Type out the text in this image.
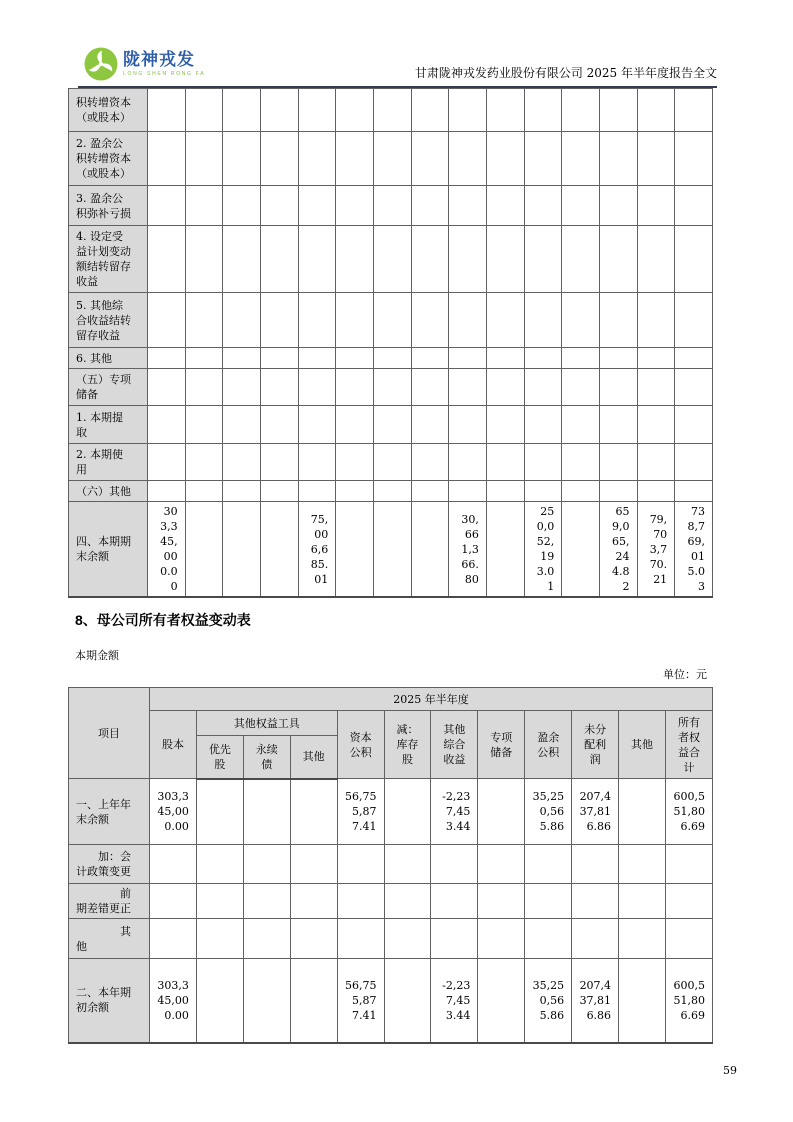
陇神戎发
LONG SHEN RONG FA	甘肃陇神戎发药业股份有限公司 2025 年半年度报告全文
积转增资本（或股本）															
2. 盈余公积转增资本（或股本）															
3. 盈余公积弥补亏损															
4. 设定受益计划变动额结转留存收益															
5. 其他综合收益结转留存收益															
6. 其他															
（五）专项储备															
1. 本期提取															
2. 本期使用															
（六）其他															
四、本期期末余额	303,345,000.00				75,006,685.01				30,661,366.80		250,052,193.01		659,065,244.82	79,703,770.21	738,769,015.03
8、母公司所有者权益变动表
本期金额
单位：元
项目	2025 年半年度											
	股本	其他权益工具			资本公积	减：库存股	其他综合收益	专项储备	盈余公积	未分配利润	其他	所有者权益合计
		优先股	永续债	其他								
一、上年年末余额	303,345,000.00				56,755,877.41		-2,237,453.44		35,250,565.86	207,437,816.86		600,551,806.69
　　加：会计政策变更												
　　　　前期差错更正												
　　　　其他												
二、本年期初余额	303,345,000.00				56,755,877.41		-2,237,453.44		35,250,565.86	207,437,816.86		600,551,806.69
59
